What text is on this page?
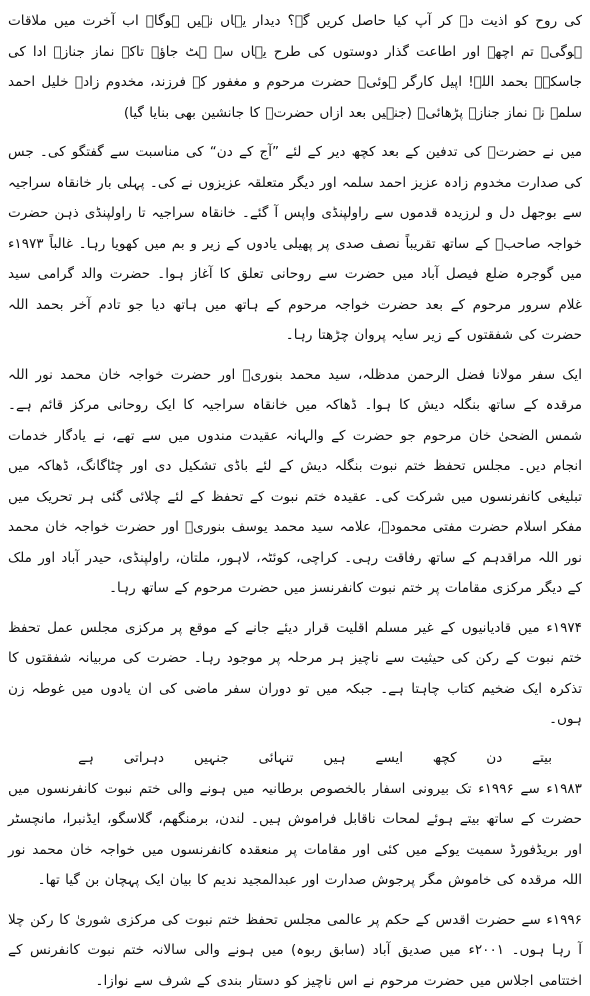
کی روح کو اذیت دے کر آپ کیا حاصل کریں گے؟ دیدار یہاں نہیں ہوگا۔ اب آخرت میں ملاقات ہوگی۔ تم اچھے اور اطاعت گذار دوستوں کی طرح یہاں سے ہٹ جاؤ۔ تاکہ نماز جنازہ ادا کی جاسکے۔ بحمد اللہ! اپیل کارگر ہوئی۔ حضرت مرحوم و مغفور کے فرزند، مخدوم زادہ خلیل احمد سلمہ نے نماز جنازہ پڑھائی۔ (جنہیں بعد ازاں حضرتؒ کا جانشین بھی بنایا گیا)

میں نے حضرتؒ کی تدفین کے بعد کچھ دیر کے لئے ”آج کے دن“ کی مناسبت سے گفتگو کی۔ جس کی صدارت مخدوم زادہ عزیز احمد سلمہ اور دیگر متعلقہ عزیزوں نے کی۔ پہلی بار خانقاہ سراجیہ سے بوجھل دل و لرزیدہ قدموں سے راولپنڈی واپس آ گئے۔ خانقاہ سراجیہ تا راولپنڈی ذہن حضرت خواجہ صاحبؒ کے ساتھ تقریباً نصف صدی پر پھیلی یادوں کے زیر و بم میں کھویا رہا۔ غالباً ۱۹۷۳ء میں گوجرہ ضلع فیصل آباد میں حضرت سے روحانی تعلق کا آغاز ہوا۔ حضرت والد گرامی سید غلام سرور مرحوم کے بعد حضرت خواجہ مرحوم کے ہاتھ میں ہاتھ دیا جو تادم آخر بحمد اللہ حضرت کی شفقتوں کے زیر سایہ پروان چڑھتا رہا۔

ایک سفر مولانا فضل الرحمن مدظلہ، سید محمد بنوریؒ اور حضرت خواجہ خان محمد نور اللہ مرقدہ کے ساتھ بنگلہ دیش کا ہوا۔ ڈھاکہ میں خانقاہ سراجیہ کا ایک روحانی مرکز قائم ہے۔ شمس الضحیٰ خان مرحوم جو حضرت کے والہانہ عقیدت مندوں میں سے تھے، نے یادگار خدمات انجام دیں۔ مجلس تحفظ ختم نبوت بنگلہ دیش کے لئے باڈی تشکیل دی اور چٹاگانگ، ڈھاکہ میں تبلیغی کانفرنسوں میں شرکت کی۔ عقیدہ ختم نبوت کے تحفظ کے لئے چلائی گئی ہر تحریک میں مفکر اسلام حضرت مفتی محمودؒ، علامہ سید محمد یوسف بنوریؒ اور حضرت خواجہ خان محمد نور اللہ مراقدہم کے ساتھ رفاقت رہی۔ کراچی، کوئٹہ، لاہور، ملتان، راولپنڈی، حیدر آباد اور ملک کے دیگر مرکزی مقامات پر ختم نبوت کانفرنسز میں حضرت مرحوم کے ساتھ رہا۔

۱۹۷۴ء میں قادیانیوں کے غیر مسلم اقلیت قرار دیئے جانے کے موقع پر مرکزی مجلس عمل تحفظ ختم نبوت کے رکن کی حیثیت سے ناچیز ہر مرحلہ پر موجود رہا۔ حضرت کی مربیانہ شفقتوں کا تذکرہ ایک ضخیم کتاب چاہتا ہے۔ جبکہ میں تو دوران سفر ماضی کی ان یادوں میں غوطہ زن ہوں۔

بیتے
دن
کچھ
ایسے
ہیں
تنہائی
جنہیں
دہراتی
ہے

۱۹۸۳ء سے ۱۹۹۶ء تک بیرونی اسفار بالخصوص برطانیہ میں ہونے والی ختم نبوت کانفرنسوں میں حضرت کے ساتھ بیتے ہوئے لمحات ناقابل فراموش ہیں۔ لندن، برمنگھم، گلاسگو، ایڈنبرا، مانچسٹر اور بریڈفورڈ سمیت یوکے میں کئی اور مقامات پر منعقدہ کانفرنسوں میں خواجہ خان محمد نور اللہ مرقدہ کی خاموش مگر پرجوش صدارت اور عبدالمجید ندیم کا بیان ایک پہچان بن گیا تھا۔

۱۹۹۶ء سے حضرت اقدس کے حکم پر عالمی مجلس تحفظ ختم نبوت کی مرکزی شوریٰ کا رکن چلا آ رہا ہوں۔ ۲۰۰۱ء میں صدیق آباد (سابق ربوہ) میں ہونے والی سالانہ ختم نبوت کانفرنس کے اختتامی اجلاس میں حضرت مرحوم نے اس ناچیز کو دستار بندی کے شرف سے نوازا۔
